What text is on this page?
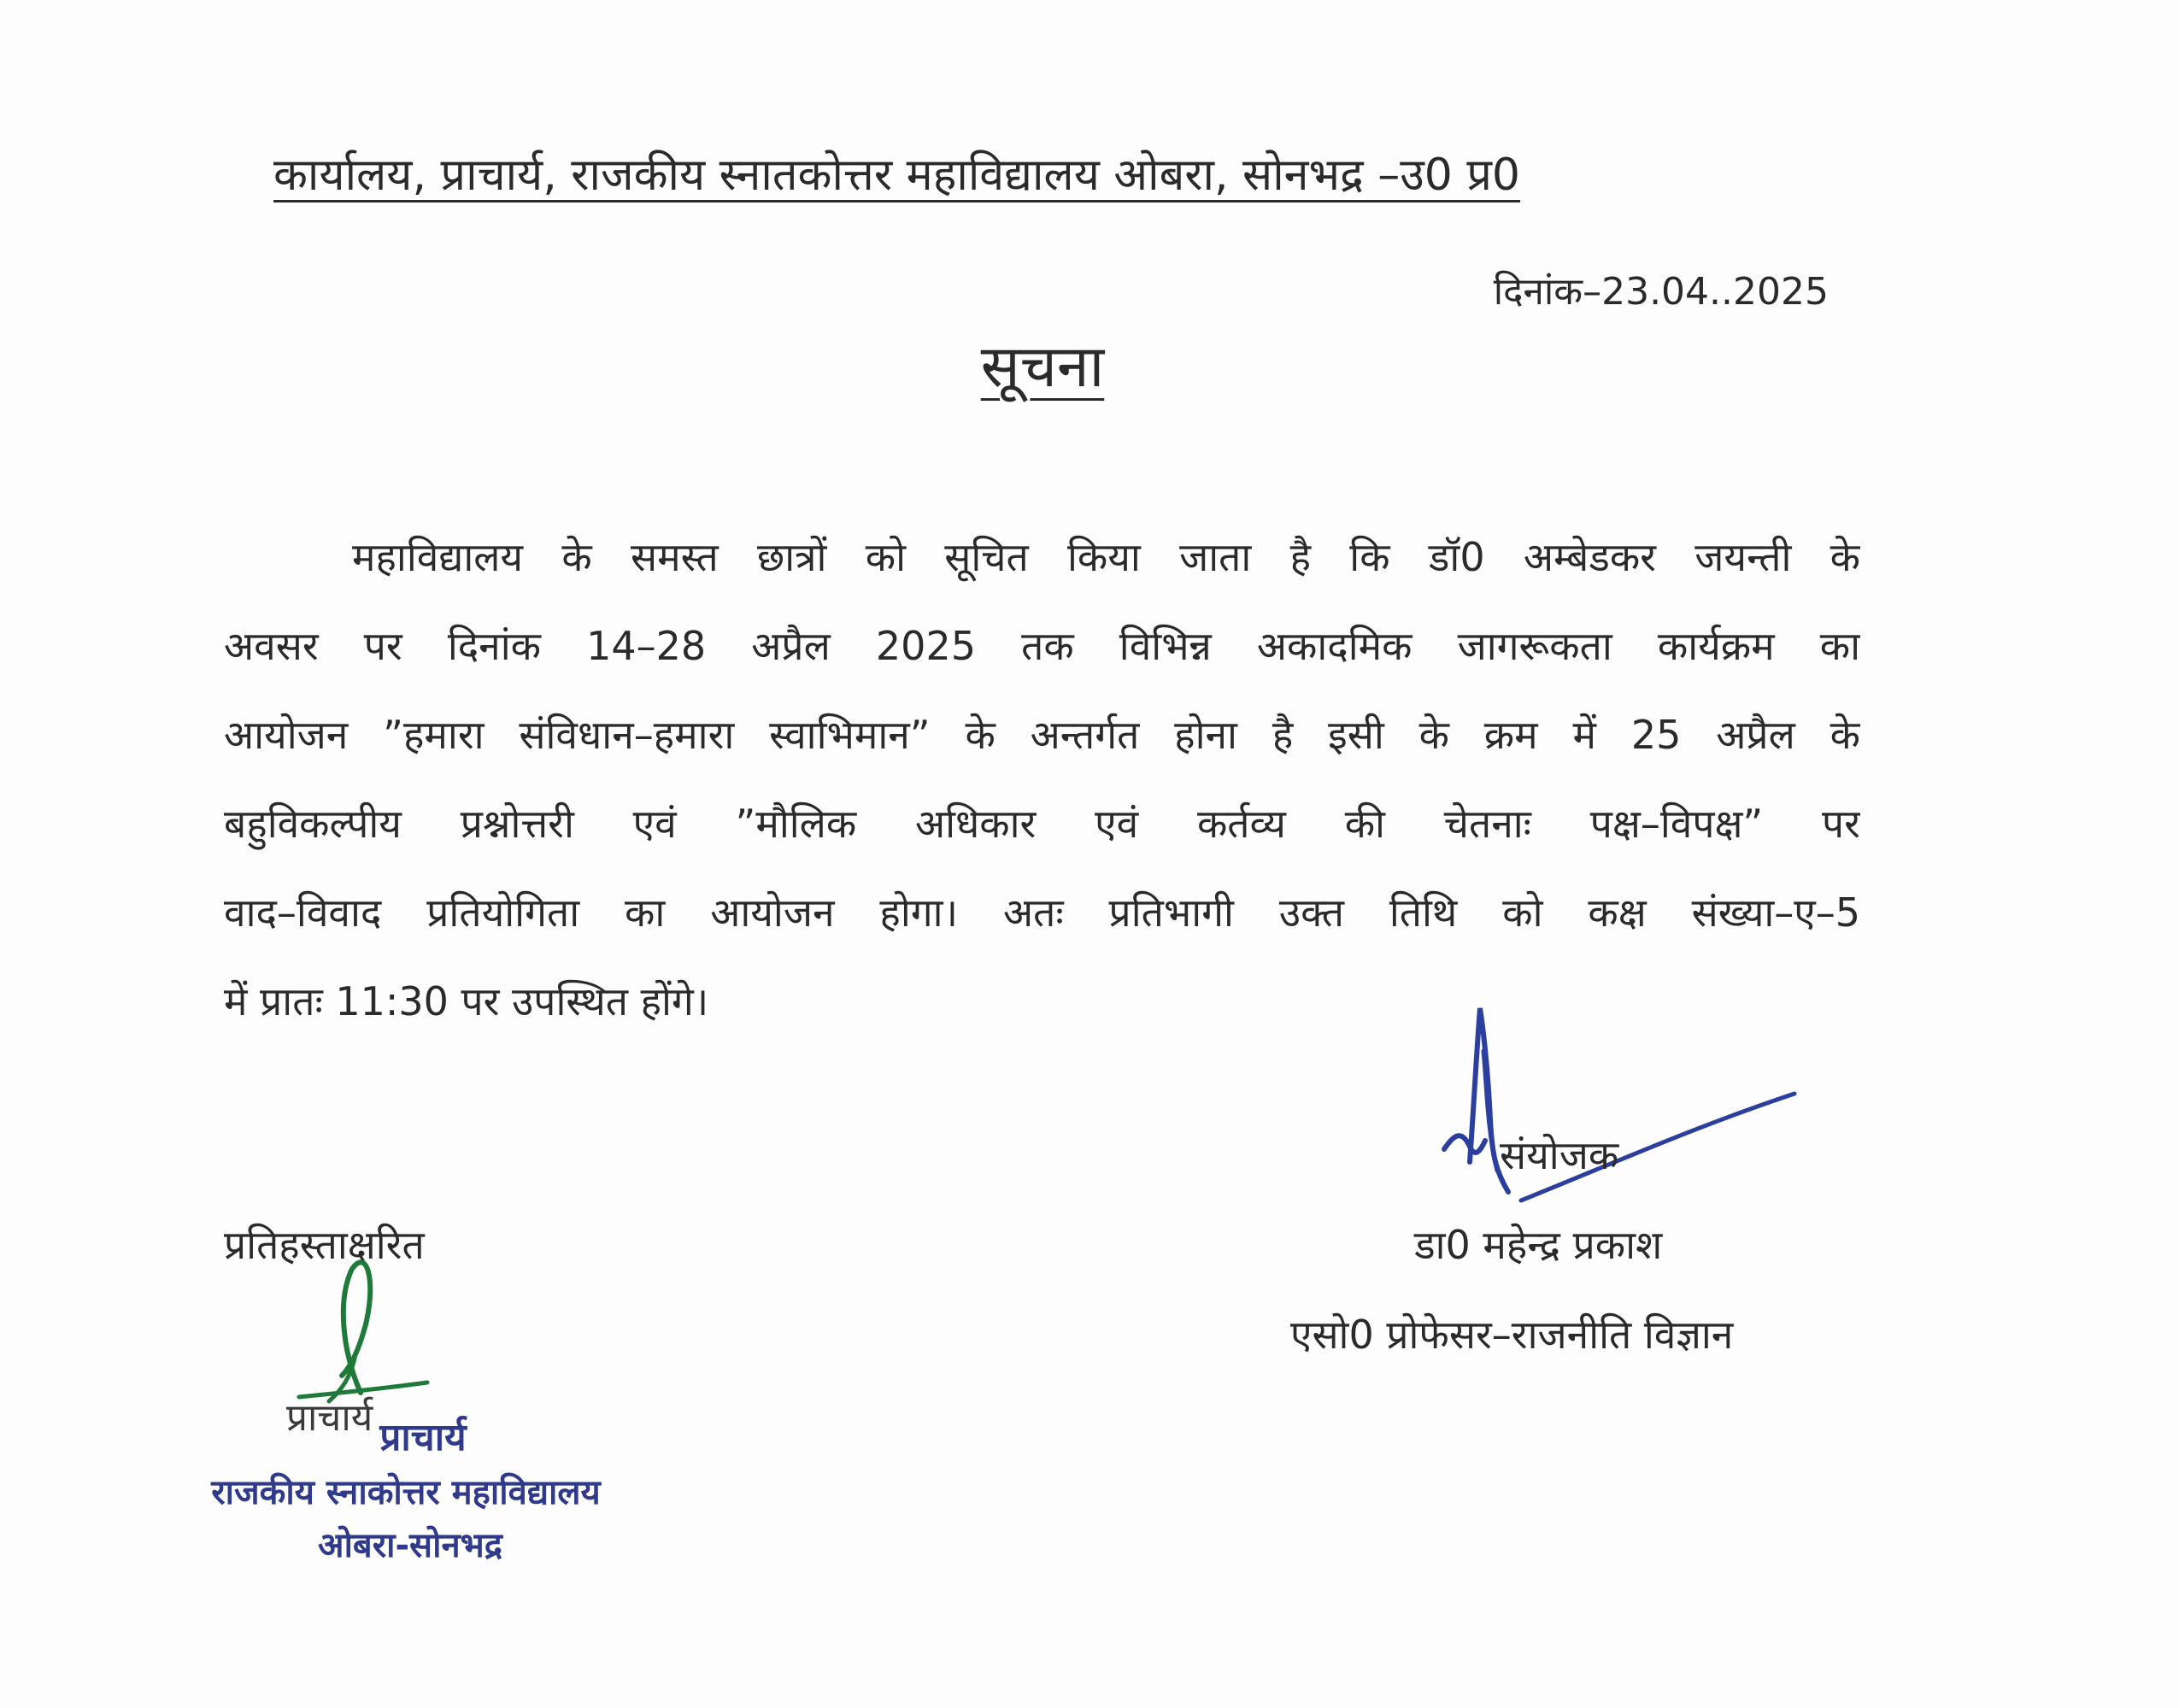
कार्यालय, प्राचार्य, राजकीय स्नातकोत्तर महाविद्यालय ओबरा, सोनभद्र –उ0 प्र0
दिनांक–23.04..2025
सूचना
महाविद्यालय के समस्त छात्रों को सूचित किया जाता है कि डॉ0 अम्बेडकर जयन्ती के
अवसर पर दिनांक 14–28 अप्रैल 2025 तक विभिन्न अकादमिक जागरूकता कार्यक्रम का
आयोजन ”हमारा संविधान–हमारा स्वाभिमान” के अन्तर्गत होना है इसी के क्रम में 25 अप्रैल के
बहुविकल्पीय प्रश्नोत्तरी एवं ”मौलिक अधिकार एवं कर्तव्य की चेतनाः पक्ष–विपक्ष” पर
वाद–विवाद प्रतियोगिता का आयोजन होगा। अतः प्रतिभागी उक्त तिथि को कक्ष संख्या–ए–5
में प्रातः 11:30 पर उपस्थित होंगे।
संयोजक
डा0 महेन्द्र प्रकाश
एसो0 प्रोफेसर–राजनीति विज्ञान
प्रतिहस्ताक्षरित
प्राचार्य प्राचार्य
राजकीय स्नाकोत्तर महाविद्यालय
ओबरा-सोनभद्र
